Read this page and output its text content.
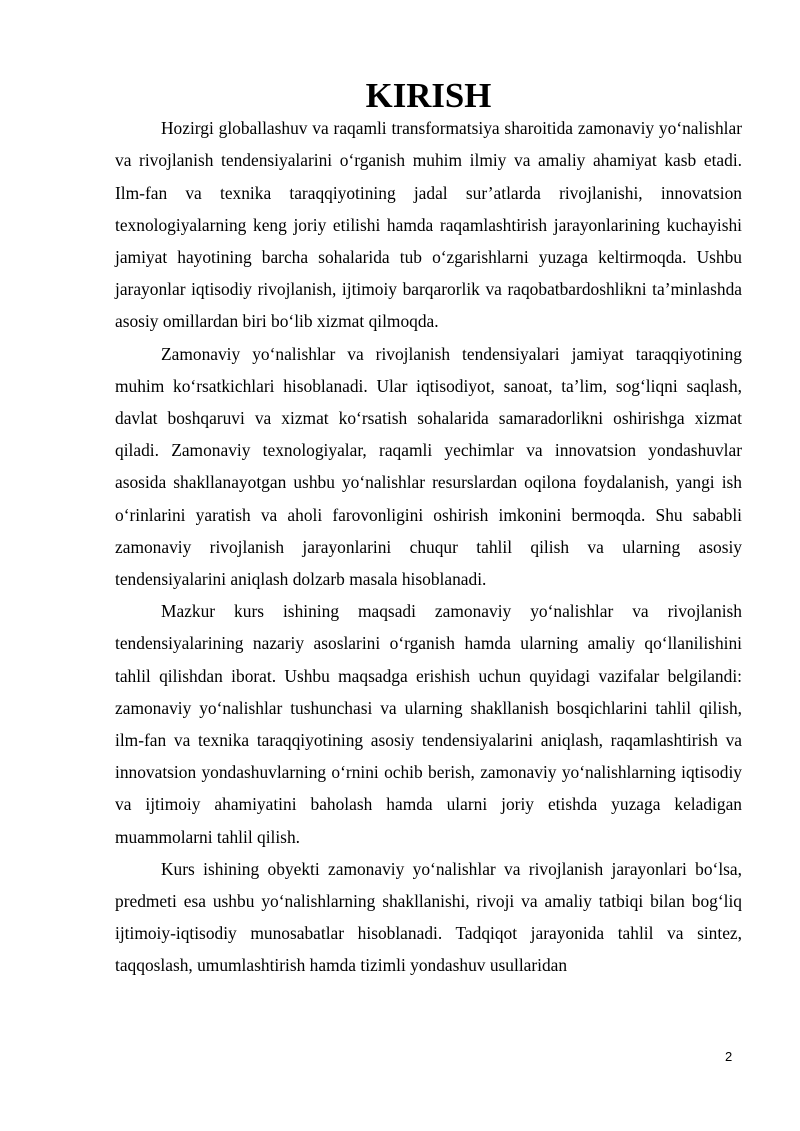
KIRISH

Hozirgi globallashuv va raqamli transformatsiya sharoitida zamonaviy yo‘nalishlar va rivojlanish tendensiyalarini o‘rganish muhim ilmiy va amaliy ahamiyat kasb etadi. Ilm-fan va texnika taraqqiyotining jadal sur’atlarda rivojlanishi, innovatsion texnologiyalarning keng joriy etilishi hamda raqamlashtirish jarayonlarining kuchayishi jamiyat hayotining barcha sohalarida tub o‘zgarishlarni yuzaga keltirmoqda. Ushbu jarayonlar iqtisodiy rivojlanish, ijtimoiy barqarorlik va raqobatbardoshlikni ta’minlashda asosiy omillardan biri bo‘lib xizmat qilmoqda.

Zamonaviy yo‘nalishlar va rivojlanish tendensiyalari jamiyat taraqqiyotining muhim ko‘rsatkichlari hisoblanadi. Ular iqtisodiyot, sanoat, ta’lim, sog‘liqni saqlash, davlat boshqaruvi va xizmat ko‘rsatish sohalarida samaradorlikni oshirishga xizmat qiladi. Zamonaviy texnologiyalar, raqamli yechimlar va innovatsion yondashuvlar asosida shakllanayotgan ushbu yo‘nalishlar resurslardan oqilona foydalanish, yangi ish o‘rinlarini yaratish va aholi farovonligini oshirish imkonini bermoqda. Shu sababli zamonaviy rivojlanish jarayonlarini chuqur tahlil qilish va ularning asosiy tendensiyalarini aniqlash dolzarb masala hisoblanadi.

Mazkur kurs ishining maqsadi zamonaviy yo‘nalishlar va rivojlanish tendensiyalarining nazariy asoslarini o‘rganish hamda ularning amaliy qo‘llanilishini tahlil qilishdan iborat. Ushbu maqsadga erishish uchun quyidagi vazifalar belgilandi: zamonaviy yo‘nalishlar tushunchasi va ularning shakllanish bosqichlarini tahlil qilish, ilm-fan va texnika taraqqiyotining asosiy tendensiyalarini aniqlash, raqamlashtirish va innovatsion yondashuvlarning o‘rnini ochib berish, zamonaviy yo‘nalishlarning iqtisodiy va ijtimoiy ahamiyatini baholash hamda ularni joriy etishda yuzaga keladigan muammolarni tahlil qilish.

Kurs ishining obyekti zamonaviy yo‘nalishlar va rivojlanish jarayonlari bo‘lsa, predmeti esa ushbu yo‘nalishlarning shakllanishi, rivoji va amaliy tatbiqi bilan bog‘liq ijtimoiy-iqtisodiy munosabatlar hisoblanadi. Tadqiqot jarayonida tahlil va sintez, taqqoslash, umumlashtirish hamda tizimli yondashuv usullaridan

2
